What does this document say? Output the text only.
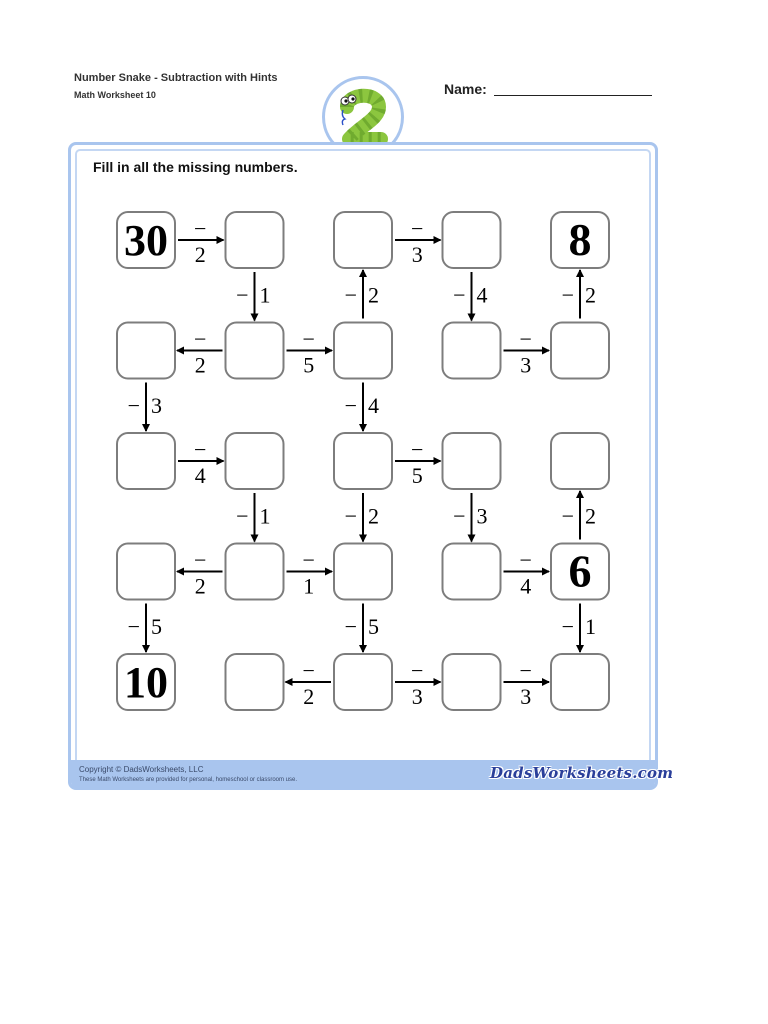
Number Snake - Subtraction with Hints
Math Worksheet 10	Name:
Fill in all the missing numbers.
30	8
6
10
−
2
−
3
−
2
−
5
−
3
−
4
−
5
−
2
−
1
−
4
−
2
−
3
−
3
− 1	− 2	− 4	− 2
− 3	− 4
− 1	− 2	− 3	− 2
− 5	− 5	− 1
Copyright © DadsWorksheets, LLC
These Math Worksheets are provided for personal, homeschool or classroom use.	DadsWorksheets.com
